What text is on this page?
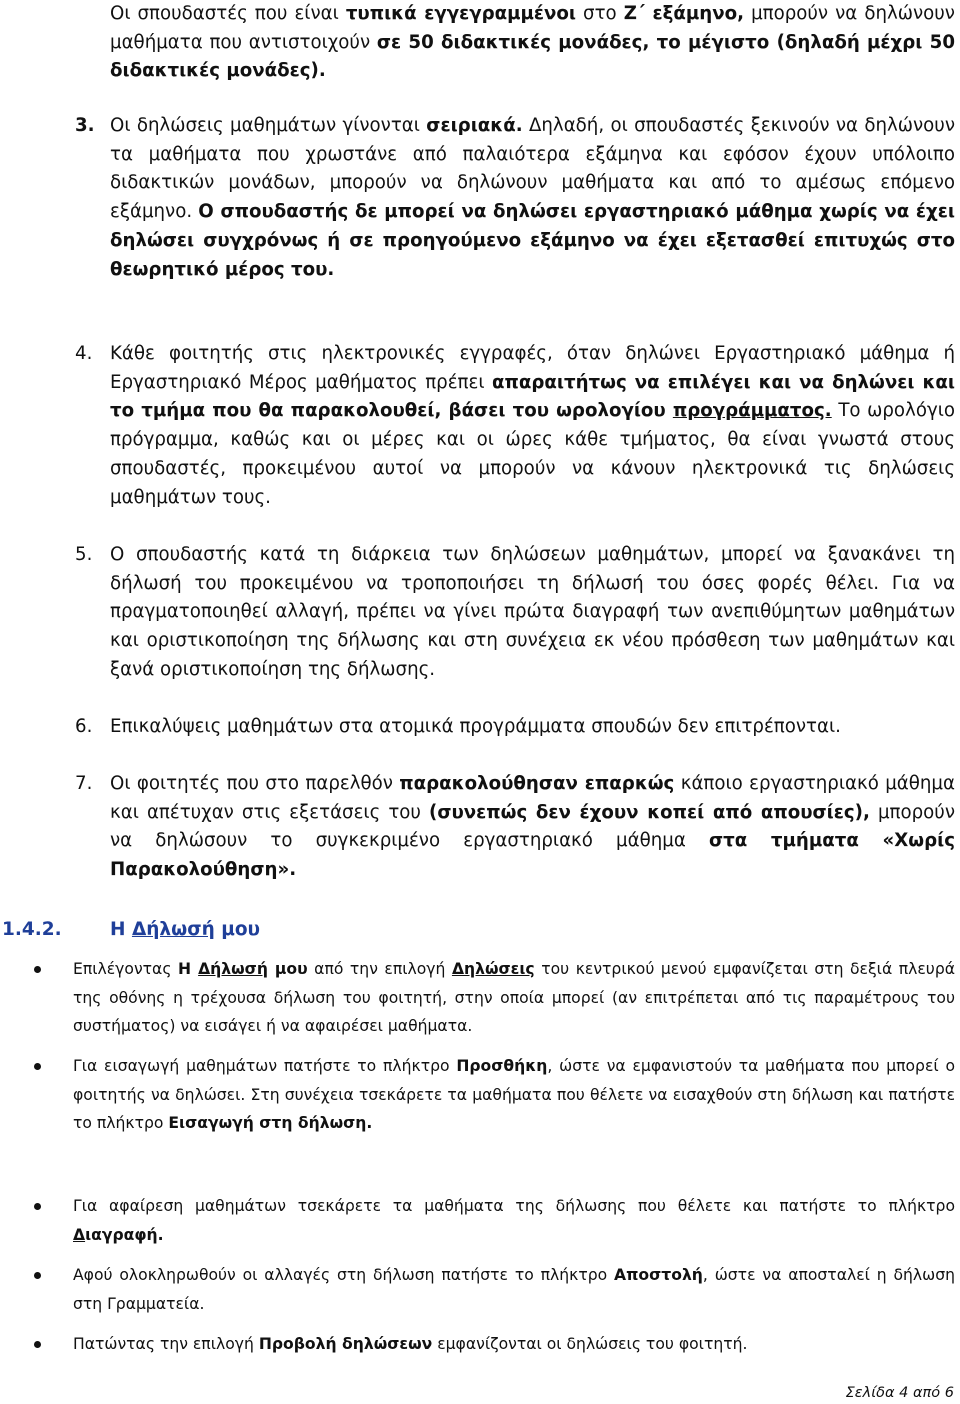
Οι σπουδαστές που είναι τυπικά εγγεγραμμένοι στο Ζ΄ εξάμηνο, μπορούν να δηλώνουν μαθήματα που αντιστοιχούν σε 50 διδακτικές μονάδες, το μέγιστο (δηλαδή μέχρι 50 διδακτικές μονάδες).
3. Οι δηλώσεις μαθημάτων γίνονται σειριακά. Δηλαδή, οι σπουδαστές ξεκινούν να δηλώνουν τα μαθήματα που χρωστάνε από παλαιότερα εξάμηνα και εφόσον έχουν υπόλοιπο διδακτικών μονάδων, μπορούν να δηλώνουν μαθήματα και από το αμέσως επόμενο εξάμηνο. Ο σπουδαστής δε μπορεί να δηλώσει εργαστηριακό μάθημα χωρίς να έχει δηλώσει συγχρόνως ή σε προηγούμενο εξάμηνο να έχει εξετασθεί επιτυχώς στο θεωρητικό μέρος του.
4. Κάθε φοιτητής στις ηλεκτρονικές εγγραφές, όταν δηλώνει Εργαστηριακό μάθημα ή Εργαστηριακό Μέρος μαθήματος πρέπει απαραιτήτως να επιλέγει και να δηλώνει και το τμήμα που θα παρακολουθεί, βάσει του ωρολογίου προγράμματος. Το ωρολόγιο πρόγραμμα, καθώς και οι μέρες και οι ώρες κάθε τμήματος, θα είναι γνωστά στους σπουδαστές, προκειμένου αυτοί να μπορούν να κάνουν ηλεκτρονικά τις δηλώσεις μαθημάτων τους.
5. Ο σπουδαστής κατά τη διάρκεια των δηλώσεων μαθημάτων, μπορεί να ξανακάνει τη δήλωσή του προκειμένου να τροποποιήσει τη δήλωσή του όσες φορές θέλει. Για να πραγματοποιηθεί αλλαγή, πρέπει να γίνει πρώτα διαγραφή των ανεπιθύμητων μαθημάτων και οριστικοποίηση της δήλωσης και στη συνέχεια εκ νέου πρόσθεση των μαθημάτων και ξανά οριστικοποίηση της δήλωσης.
6. Επικαλύψεις μαθημάτων στα ατομικά προγράμματα σπουδών δεν επιτρέπονται.
7. Οι φοιτητές που στο παρελθόν παρακολούθησαν επαρκώς κάποιο εργαστηριακό μάθημα και απέτυχαν στις εξετάσεις του (συνεπώς δεν έχουν κοπεί από απουσίες), μπορούν να δηλώσουν το συγκεκριμένο εργαστηριακό μάθημα στα τμήματα «Χωρίς Παρακολούθηση».
1.4.2.	Η Δήλωσή μου
Επιλέγοντας Η Δήλωσή μου από την επιλογή Δηλώσεις του κεντρικού μενού εμφανίζεται στη δεξιά πλευρά της οθόνης η τρέχουσα δήλωση του φοιτητή, στην οποία μπορεί (αν επιτρέπεται από τις παραμέτρους του συστήματος) να εισάγει ή να αφαιρέσει μαθήματα.
Για εισαγωγή μαθημάτων πατήστε το πλήκτρο Προσθήκη, ώστε να εμφανιστούν τα μαθήματα που μπορεί ο φοιτητής να δηλώσει. Στη συνέχεια τσεκάρετε τα μαθήματα που θέλετε να εισαχθούν στη δήλωση και πατήστε το πλήκτρο Εισαγωγή στη δήλωση.
Για αφαίρεση μαθημάτων τσεκάρετε τα μαθήματα της δήλωσης που θέλετε και πατήστε το πλήκτρο Διαγραφή.
Αφού ολοκληρωθούν οι αλλαγές στη δήλωση πατήστε το πλήκτρο Αποστολή, ώστε να αποσταλεί η δήλωση στη Γραμματεία.
Πατώντας την επιλογή Προβολή δηλώσεων εμφανίζονται οι δηλώσεις του φοιτητή.
Σελίδα 4 από 6
